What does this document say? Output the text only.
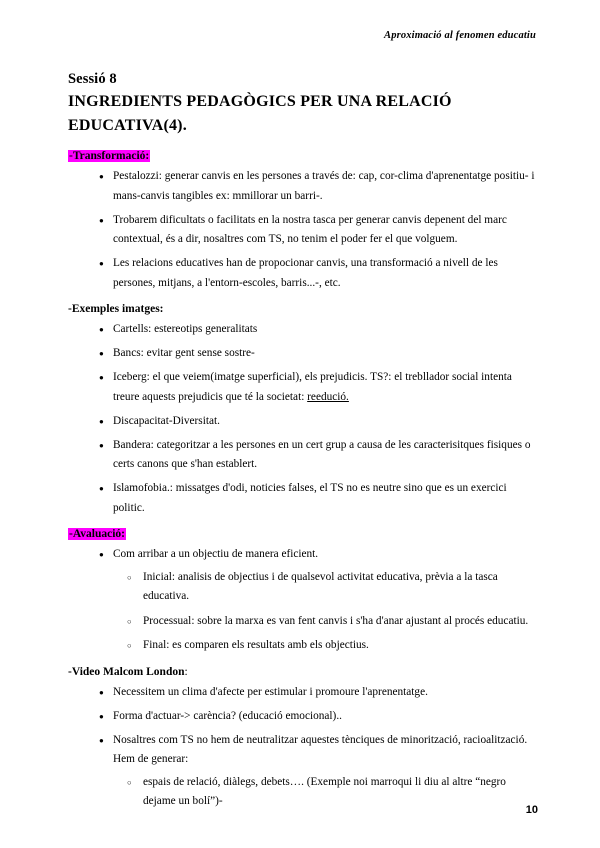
Aproximació al fenomen educatiu
Sessió 8
INGREDIENTS PEDAGÒGICS PER UNA RELACIÓ EDUCATIVA(4).
-Transformació:
● Pestalozzi: generar canvis en les persones a través de: cap, cor-clima d'aprenentatge positiu- i mans-canvis tangibles ex: mmillorar un barri-.
● Trobarem dificultats o facilitats en la nostra tasca per generar canvis depenent del marc contextual, és a dir, nosaltres com TS, no tenim el poder fer el que volguem.
● Les relacions educatives han de propocionar canvis, una transformació a nivell de les persones, mitjans, a l'entorn-escoles, barris...-, etc.
-Exemples imatges:
● Cartells: estereotips generalitats
● Bancs: evitar gent sense sostre-
● Iceberg: el que veiem(imatge superficial), els prejudicis. TS?: el trebllador social intenta treure aquests prejudicis que té la societat: reedució.
● Discapacitat-Diversitat.
● Bandera: categoritzar a les persones en un cert grup a causa de les caracterisitques fisiques o certs canons que s'han establert.
● Islamofobia.: missatges d'odi, noticies falses, el TS no es neutre sino que es un exercici politic.
-Avaluació:
● Com arribar a un objectiu de manera eficient.
○ Inicial: analisis de objectius i de qualsevol activitat educativa, prèvia a la tasca educativa.
○ Processual: sobre la marxa es van fent canvis i s'ha d'anar ajustant al procés educatiu.
○ Final: es comparen els resultats amb els objectius.
-Video Malcom London:
● Necessitem un clima d'afecte per estimular i promoure l'aprenentatge.
● Forma d'actuar-> carència? (educació emocional)..
● Nosaltres com TS no hem de neutralitzar aquestes tènciques de minorització, racioalització. Hem de generar:
○ espais de relació, diàlegs, debets…. (Exemple noi marroqui li diu al altre “negro dejame un bolí”)-
10
